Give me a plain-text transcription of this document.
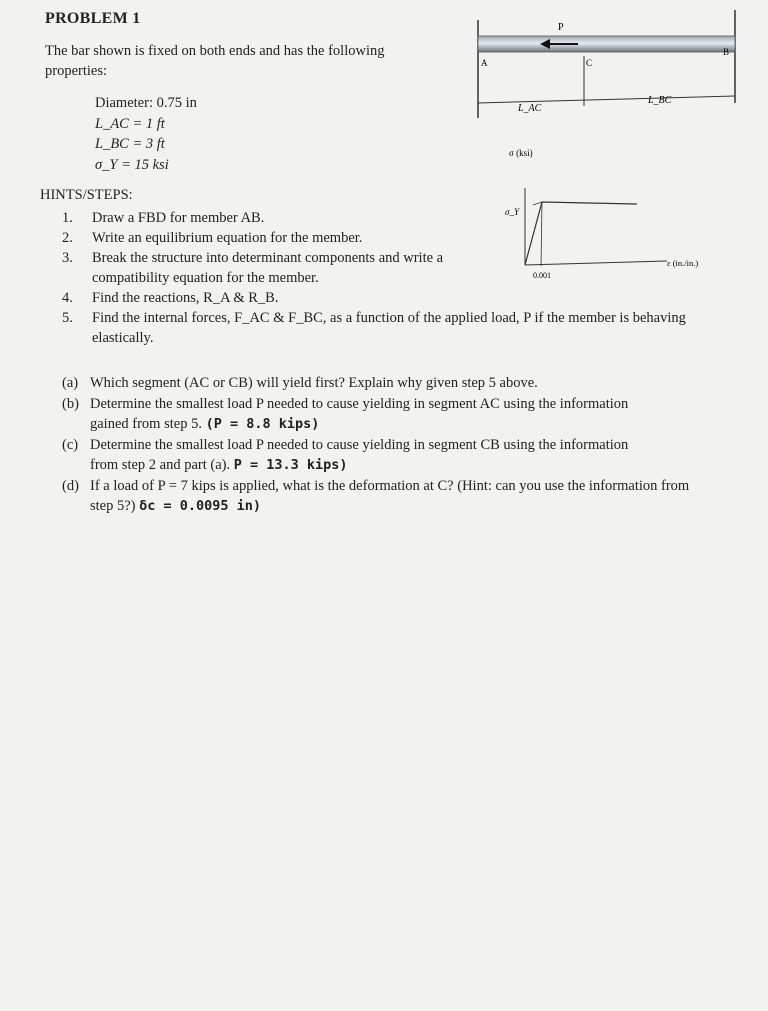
PROBLEM 1
The bar shown is fixed on both ends and has the following properties:
Diameter: 0.75 in
L_AC = 1 ft
L_BC = 3 ft
σ_Y = 15 ksi
P
A	C
B
L_AC
L_BC
σ (ksi)
σ_Y
0.001
ε (in./in.)
HINTS/STEPS:
1. Draw a FBD for member AB.
2. Write an equilibrium equation for the member.
3. Break the structure into determinant components and write a compatibility equation for the member.
4. Find the reactions, R_A & R_B.
5. Find the internal forces, F_AC & F_BC, as a function of the applied load, P if the member is behaving elastically.
(a) Which segment (AC or CB) will yield first? Explain why given step 5 above.
(b) Determine the smallest load P needed to cause yielding in segment AC using the information gained from step 5. (P = 8.8 kips)
(c) Determine the smallest load P needed to cause yielding in segment CB using the information from step 2 and part (a). P = 13.3 kips)
(d) If a load of P = 7 kips is applied, what is the deformation at C? (Hint: can you use the information from step 5?) δc = 0.0095 in)
